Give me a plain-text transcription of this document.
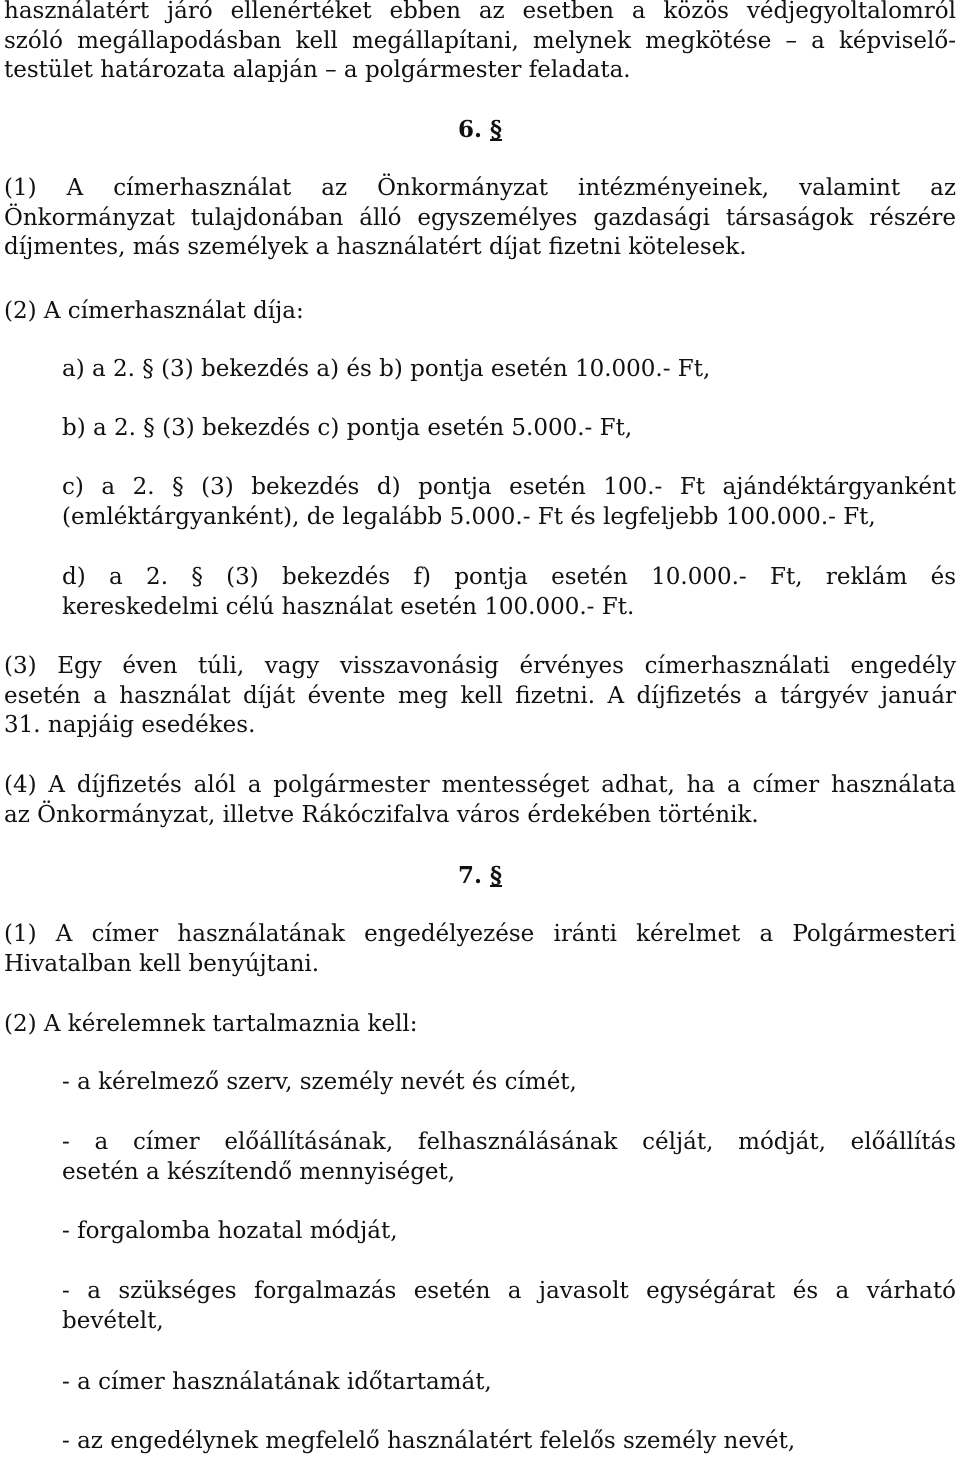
használatért járó ellenértéket ebben az esetben a közös védjegyoltalomról
szóló megállapodásban kell megállapítani, melynek megkötése – a képviselő-
testület határozata alapján – a polgármester feladata.

6. §

(1) A címerhasználat az Önkormányzat intézményeinek, valamint az
Önkormányzat tulajdonában álló egyszemélyes gazdasági társaságok részére
díjmentes, más személyek a használatért díjat fizetni kötelesek.

(2) A címerhasználat díja:

a) a 2. § (3) bekezdés a) és b) pontja esetén 10.000.- Ft,

b) a 2. § (3) bekezdés c) pontja esetén 5.000.- Ft,

c) a 2. § (3) bekezdés d) pontja esetén 100.- Ft ajándéktárgyanként
(emléktárgyanként), de legalább 5.000.- Ft és legfeljebb 100.000.- Ft,

d) a 2. § (3) bekezdés f) pontja esetén 10.000.- Ft, reklám és
kereskedelmi célú használat esetén 100.000.- Ft.

(3) Egy éven túli, vagy visszavonásig érvényes címerhasználati engedély
esetén a használat díját évente meg kell fizetni. A díjfizetés a tárgyév január
31. napjáig esedékes.

(4) A díjfizetés alól a polgármester mentességet adhat, ha a címer használata
az Önkormányzat, illetve Rákóczifalva város érdekében történik.

7. §

(1) A címer használatának engedélyezése iránti kérelmet a Polgármesteri
Hivatalban kell benyújtani.

(2) A kérelemnek tartalmaznia kell:

- a kérelmező szerv, személy nevét és címét,

- a címer előállításának, felhasználásának célját, módját, előállítás
esetén a készítendő mennyiséget,

- forgalomba hozatal módját,

- a szükséges forgalmazás esetén a javasolt egységárat és a várható
bevételt,

- a címer használatának időtartamát,

- az engedélynek megfelelő használatért felelős személy nevét,
